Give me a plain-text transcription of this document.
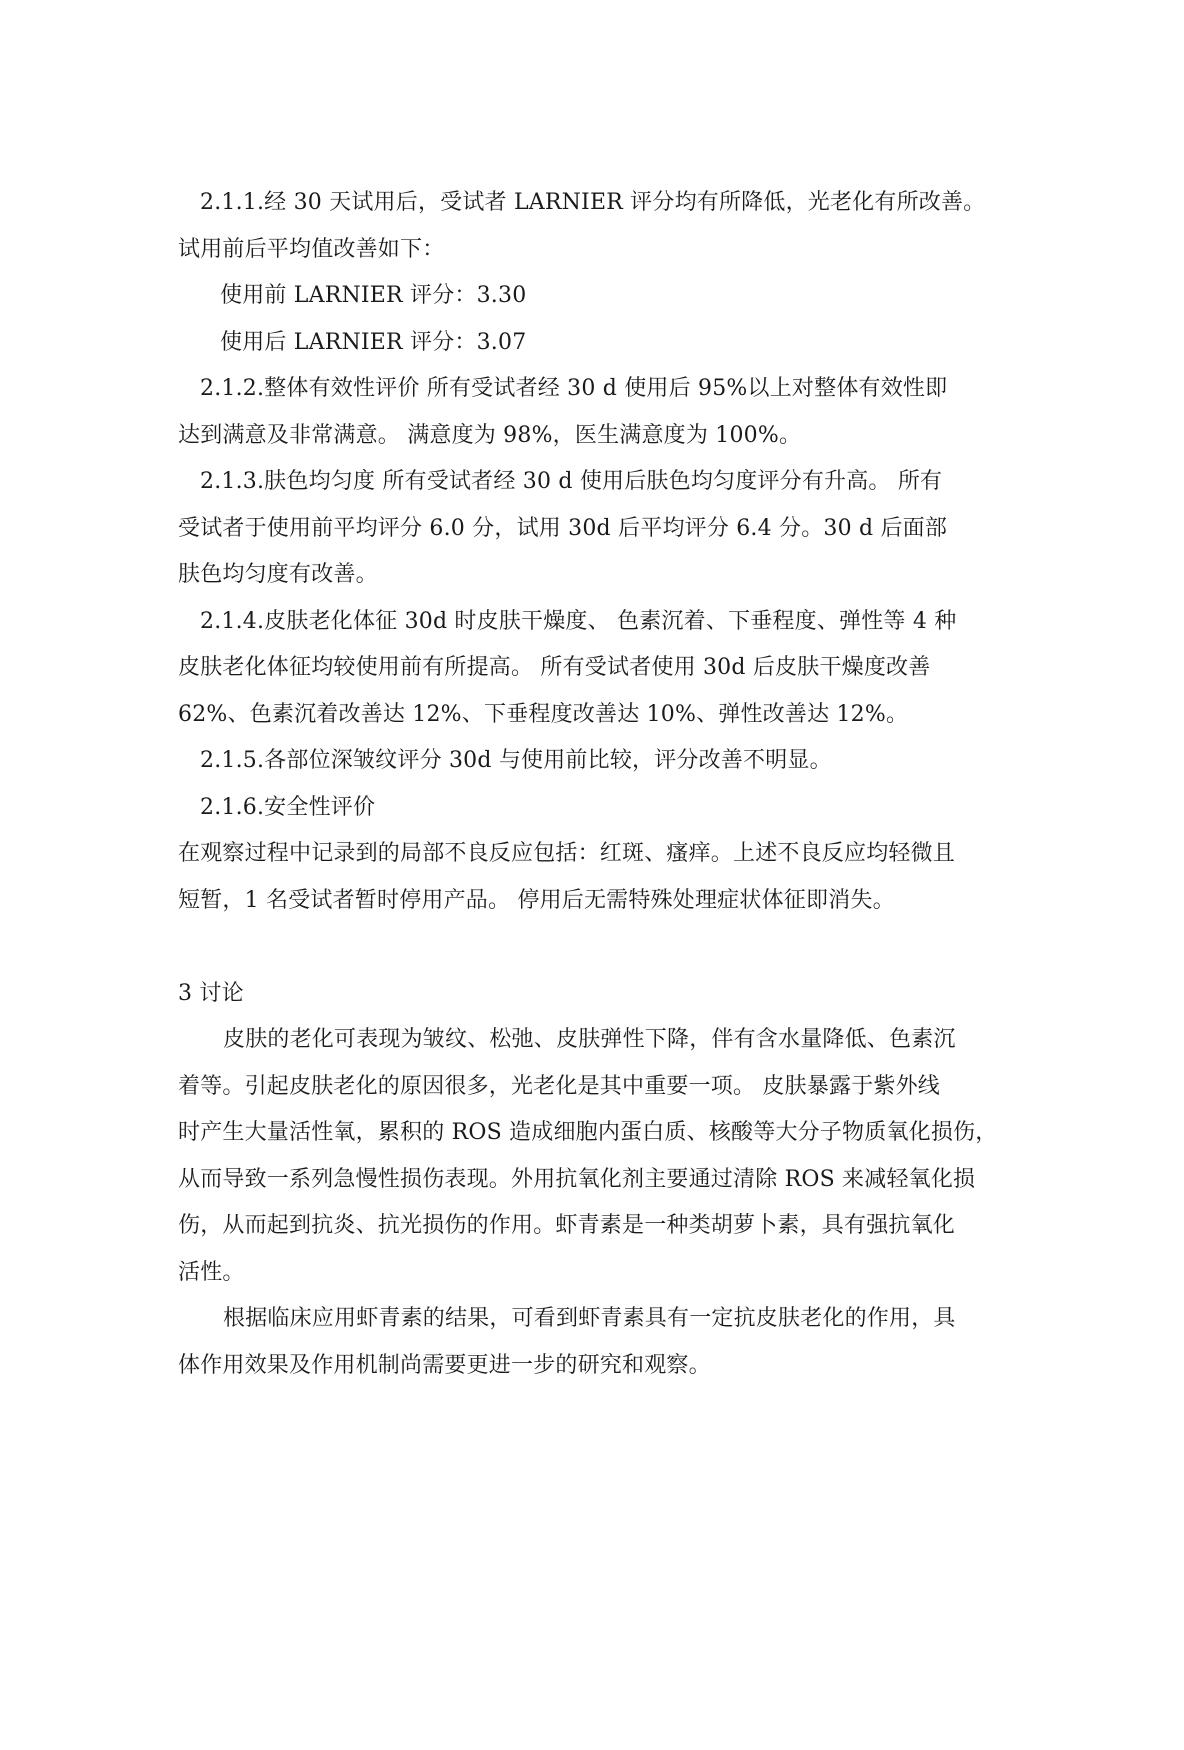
2.1.1.经 30 天试用后，受试者 LARNIER 评分均有所降低，光老化有所改善。
试用前后平均值改善如下：
使用前 LARNIER 评分：3.30
使用后 LARNIER 评分：3.07
2.1.2.整体有效性评价 所有受试者经 30 d 使用后 95%以上对整体有效性即
达到满意及非常满意。 满意度为 98%，医生满意度为 100%。
2.1.3.肤色均匀度 所有受试者经 30 d 使用后肤色均匀度评分有升高。 所有
受试者于使用前平均评分 6.0 分，试用 30d 后平均评分 6.4 分。30 d 后面部
肤色均匀度有改善。
2.1.4.皮肤老化体征 30d 时皮肤干燥度、 色素沉着、下垂程度、弹性等 4 种
皮肤老化体征均较使用前有所提高。 所有受试者使用 30d 后皮肤干燥度改善
62%、色素沉着改善达 12%、下垂程度改善达 10%、弹性改善达 12%。
2.1.5.各部位深皱纹评分 30d 与使用前比较，评分改善不明显。
2.1.6.安全性评价
在观察过程中记录到的局部不良反应包括：红斑、瘙痒。上述不良反应均轻微且
短暂，1 名受试者暂时停用产品。 停用后无需特殊处理症状体征即消失。
3 讨论
皮肤的老化可表现为皱纹、松弛、皮肤弹性下降，伴有含水量降低、色素沉
着等。引起皮肤老化的原因很多，光老化是其中重要一项。 皮肤暴露于紫外线
时产生大量活性氧，累积的 ROS 造成细胞内蛋白质、核酸等大分子物质氧化损伤，
从而导致一系列急慢性损伤表现。外用抗氧化剂主要通过清除 ROS 来减轻氧化损
伤，从而起到抗炎、抗光损伤的作用。虾青素是一种类胡萝卜素，具有强抗氧化
活性。
根据临床应用虾青素的结果，可看到虾青素具有一定抗皮肤老化的作用，具
体作用效果及作用机制尚需要更进一步的研究和观察。
